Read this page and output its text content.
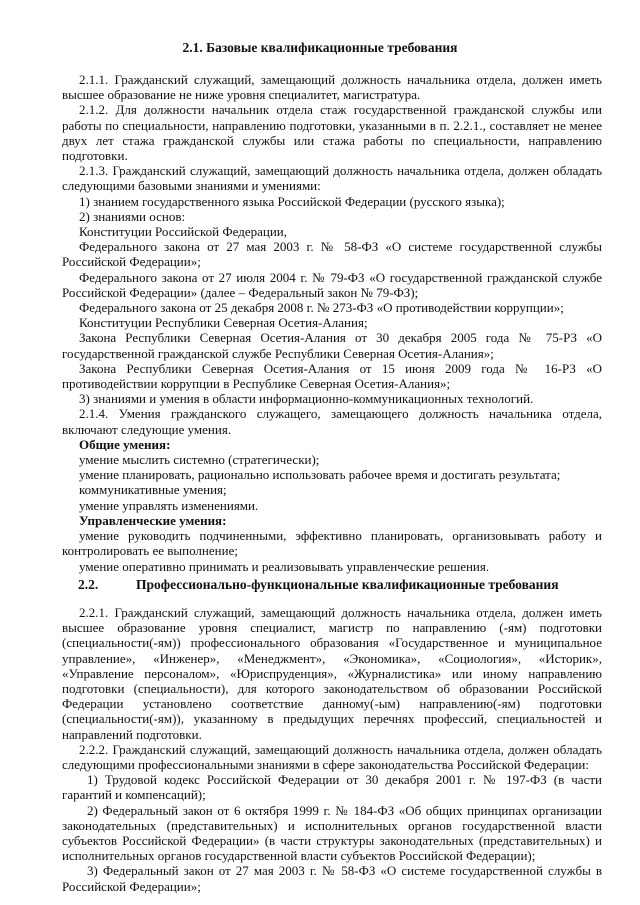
2.1. Базовые квалификационные требования

2.1.1. Гражданский служащий, замещающий должность начальника отдела, должен иметь высшее образование не ниже уровня специалитет, магистратура.

2.1.2. Для должности начальник отдела стаж государственной гражданской службы или работы по специальности, направлению подготовки, указанными в п. 2.2.1., составляет не менее двух лет стажа гражданской службы или стажа работы по специальности, направлению подготовки.

2.1.3. Гражданский служащий, замещающий должность начальника отдела, должен обладать следующими базовыми знаниями и умениями:

1) знанием государственного языка Российской Федерации (русского языка);

2) знаниями основ:

Конституции Российской Федерации,

Федерального закона от 27 мая 2003 г. № 58-ФЗ «О системе государственной службы Российской Федерации»;

Федерального закона от 27 июля 2004 г. № 79-ФЗ «О государственной гражданской службе Российской Федерации» (далее – Федеральный закон № 79-ФЗ);

Федерального закона от 25 декабря 2008 г. № 273-ФЗ «О противодействии коррупции»;

Конституции Республики Северная Осетия-Алания;

Закона Республики Северная Осетия-Алания от 30 декабря 2005 года № 75-РЗ «О государственной гражданской службе Республики Северная Осетия-Алания»;

Закона Республики Северная Осетия-Алания от 15 июня 2009 года № 16-РЗ «О противодействии коррупции в Республике Северная Осетия-Алания»;

3) знаниями и умения в области информационно-коммуникационных технологий.

2.1.4. Умения гражданского служащего, замещающего должность начальника отдела, включают следующие умения.

Общие умения:

умение мыслить системно (стратегически);

умение планировать, рационально использовать рабочее время и достигать результата;

коммуникативные умения;

умение управлять изменениями.

Управленческие умения:

умение руководить подчиненными, эффективно планировать, организовывать работу и контролировать ее выполнение;

умение оперативно принимать и реализовывать управленческие решения.

2.2.	Профессионально-функциональные квалификационные требования

2.2.1. Гражданский служащий, замещающий должность начальника отдела, должен иметь высшее образование уровня специалист, магистр по направлению (-ям) подготовки (специальности(-ям)) профессионального образования «Государственное и муниципальное управление», «Инженер», «Менеджмент», «Экономика», «Социология», «Историк», «Управление персоналом», «Юриспруденция», «Журналистика» или иному направлению подготовки (специальности), для которого законодательством об образовании Российской Федерации установлено соответствие данному(-ым) направлению(-ям) подготовки (специальности(-ям)), указанному в предыдущих перечнях профессий, специальностей и направлений подготовки.

2.2.2. Гражданский служащий, замещающий должность начальника отдела, должен обладать следующими профессиональными знаниями в сфере законодательства Российской Федерации:

1) Трудовой кодекс Российской Федерации от 30 декабря 2001 г. № 197-ФЗ (в части гарантий и компенсаций);

2) Федеральный закон от 6 октября 1999 г. № 184-ФЗ «Об общих принципах организации законодательных (представительных) и исполнительных органов государственной власти субъектов Российской Федерации» (в части структуры законодательных (представительных) и исполнительных органов государственной власти субъектов Российской Федерации);

3) Федеральный закон от 27 мая 2003 г. № 58-ФЗ «О системе государственной службы в Российской Федерации»;
